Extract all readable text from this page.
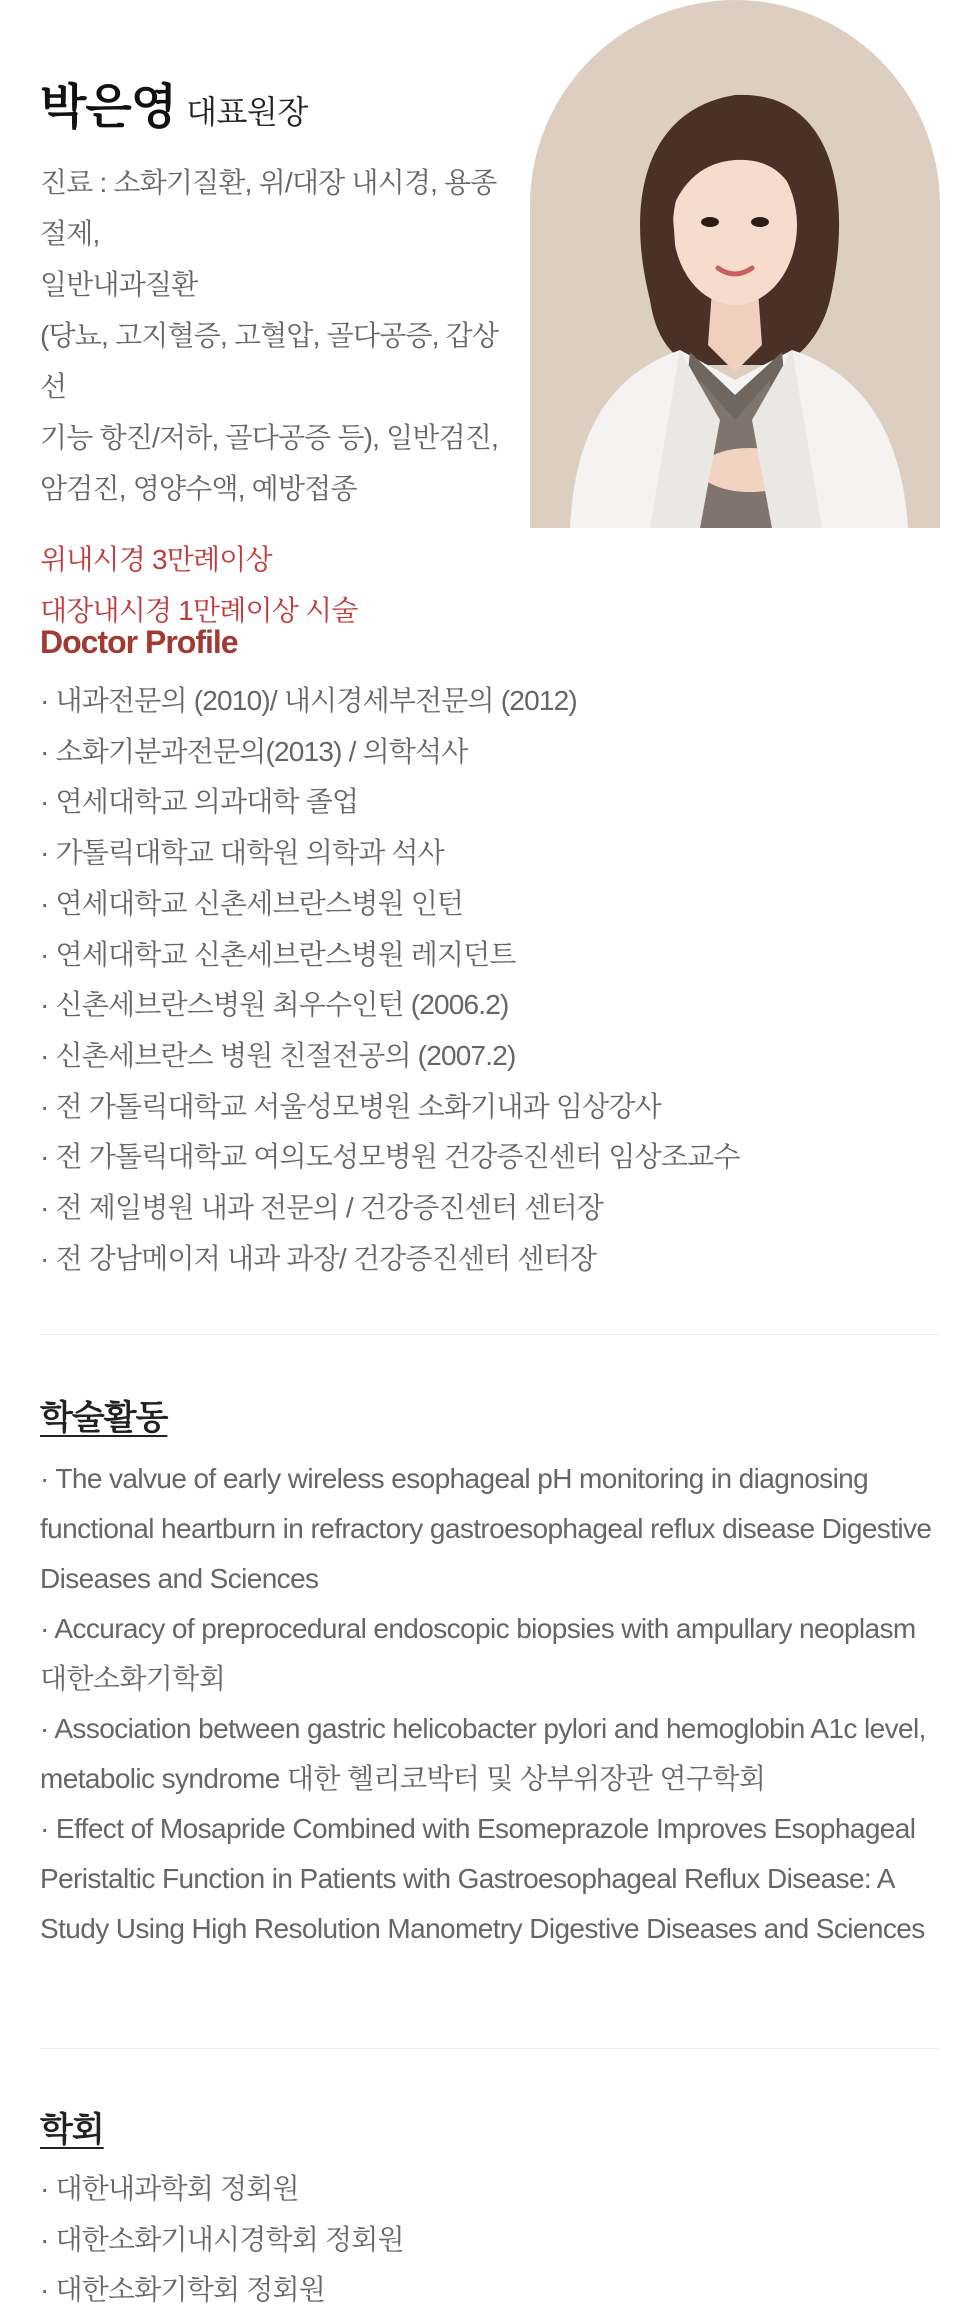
박은영 대표원장
진료 : 소화기질환, 위/대장 내시경, 용종절제,
일반내과질환
(당뇨, 고지혈증, 고혈압, 골다공증, 갑상선
기능 항진/저하, 골다공증 등), 일반검진,
암검진, 영양수액, 예방접종
위내시경 3만례이상
대장내시경 1만례이상 시술
Doctor Profile
· 내과전문의 (2010)/ 내시경세부전문의 (2012)
· 소화기분과전문의(2013) / 의학석사
· 연세대학교 의과대학 졸업
· 가톨릭대학교 대학원 의학과 석사
· 연세대학교 신촌세브란스병원 인턴
· 연세대학교 신촌세브란스병원 레지던트
· 신촌세브란스병원 최우수인턴 (2006.2)
· 신촌세브란스 병원 친절전공의 (2007.2)
· 전 가톨릭대학교 서울성모병원 소화기내과 임상강사
· 전 가톨릭대학교 여의도성모병원 건강증진센터 임상조교수
· 전 제일병원 내과 전문의 / 건강증진센터 센터장
· 전 강남메이저 내과 과장/ 건강증진센터 센터장
학술활동

· The valvue of early wireless esophageal pH monitoring in diagnosing functional heartburn in refractory gastroesophageal reflux disease Digestive Diseases and Sciences

· Accuracy of preprocedural endoscopic biopsies with ampullary neoplasm 대한소화기학회

· Association between gastric helicobacter pylori and hemoglobin A1c level, metabolic syndrome 대한 헬리코박터 및 상부위장관 연구학회

· Effect of Mosapride Combined with Esomeprazole Improves Esophageal Peristaltic Function in Patients with Gastroesophageal Reflux Disease: A Study Using High Resolution Manometry Digestive Diseases and Sciences

학회
· 대한내과학회 정회원
· 대한소화기내시경학회 정회원
· 대한소화기학회 정회원
